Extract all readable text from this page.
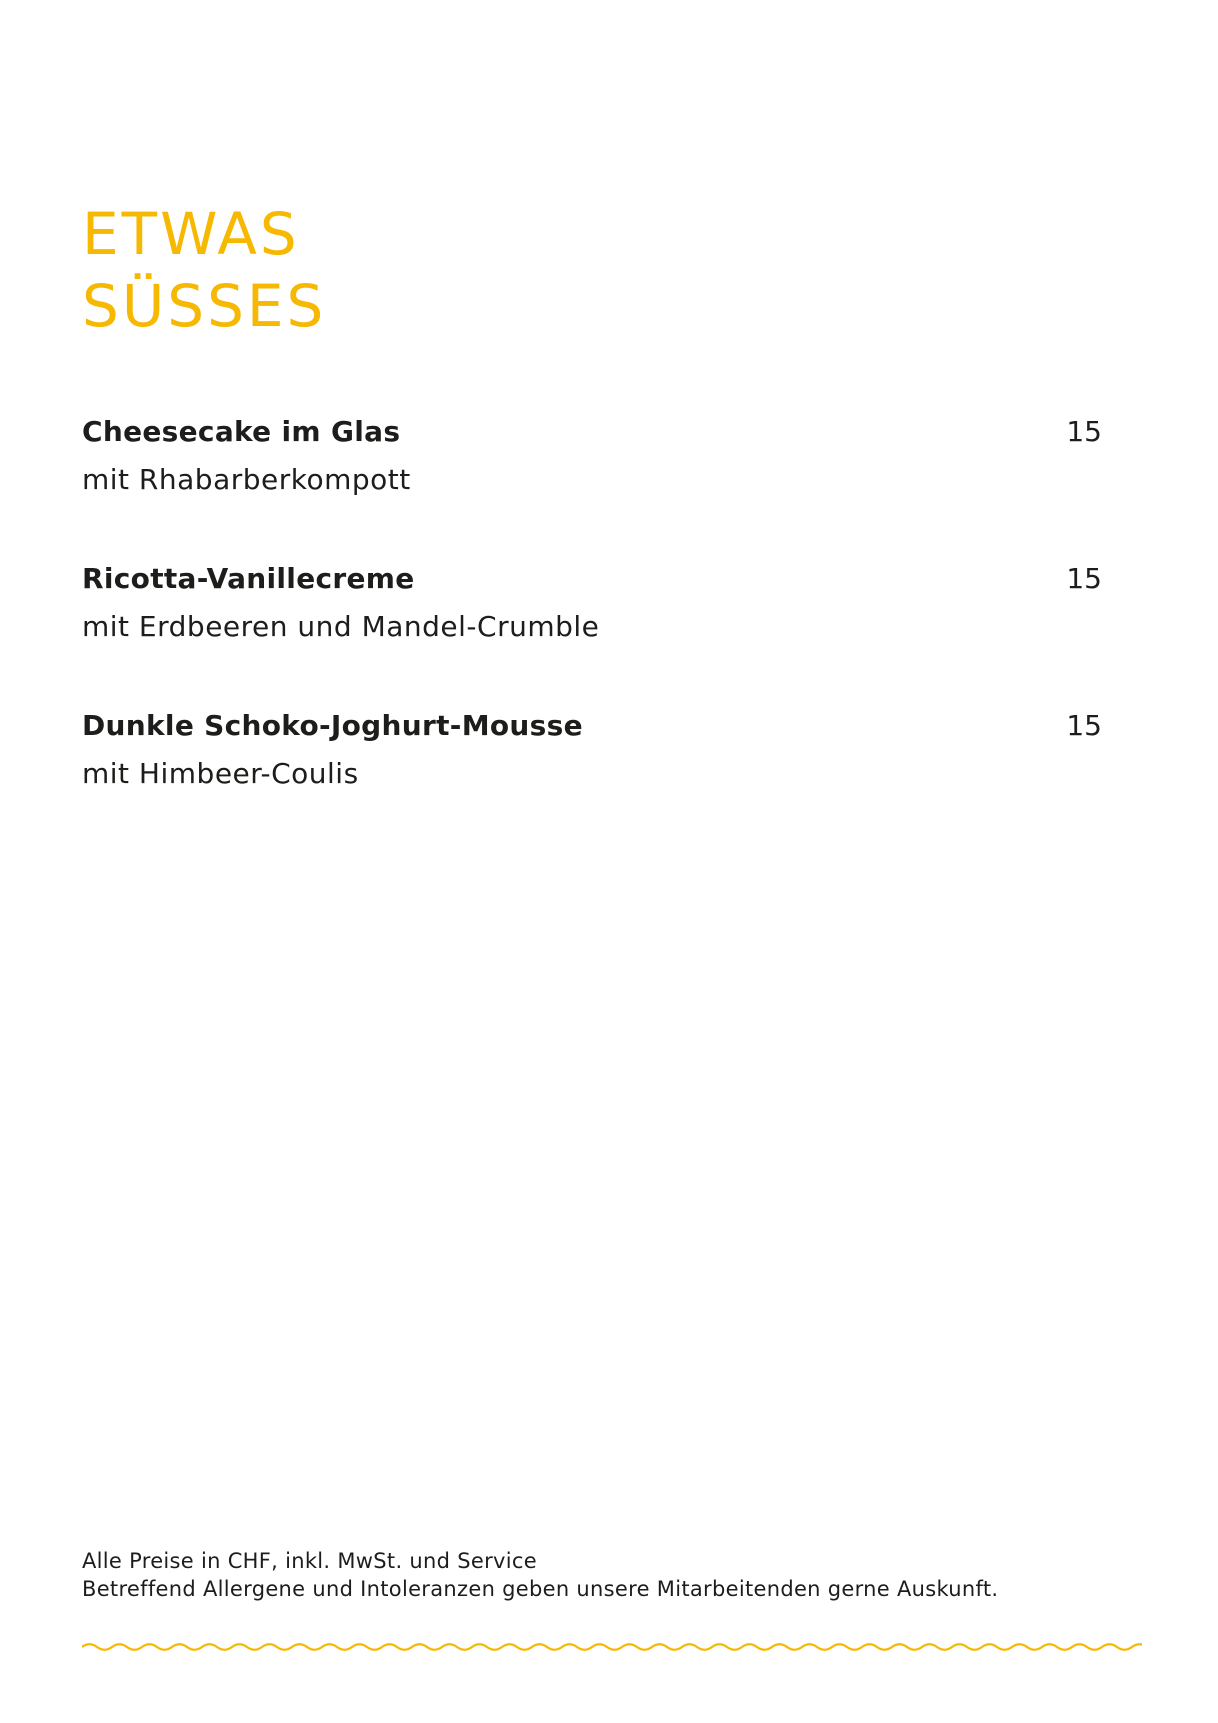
ETWAS
SÜSSES
Cheesecake im Glas	15
mit Rhabarberkompott
Ricotta-Vanillecreme	15
mit Erdbeeren und Mandel-Crumble
Dunkle Schoko-Joghurt-Mousse	15
mit Himbeer-Coulis
Alle Preise in CHF, inkl. MwSt. und Service
Betreffend Allergene und Intoleranzen geben unsere Mitarbeitenden gerne Auskunft.
